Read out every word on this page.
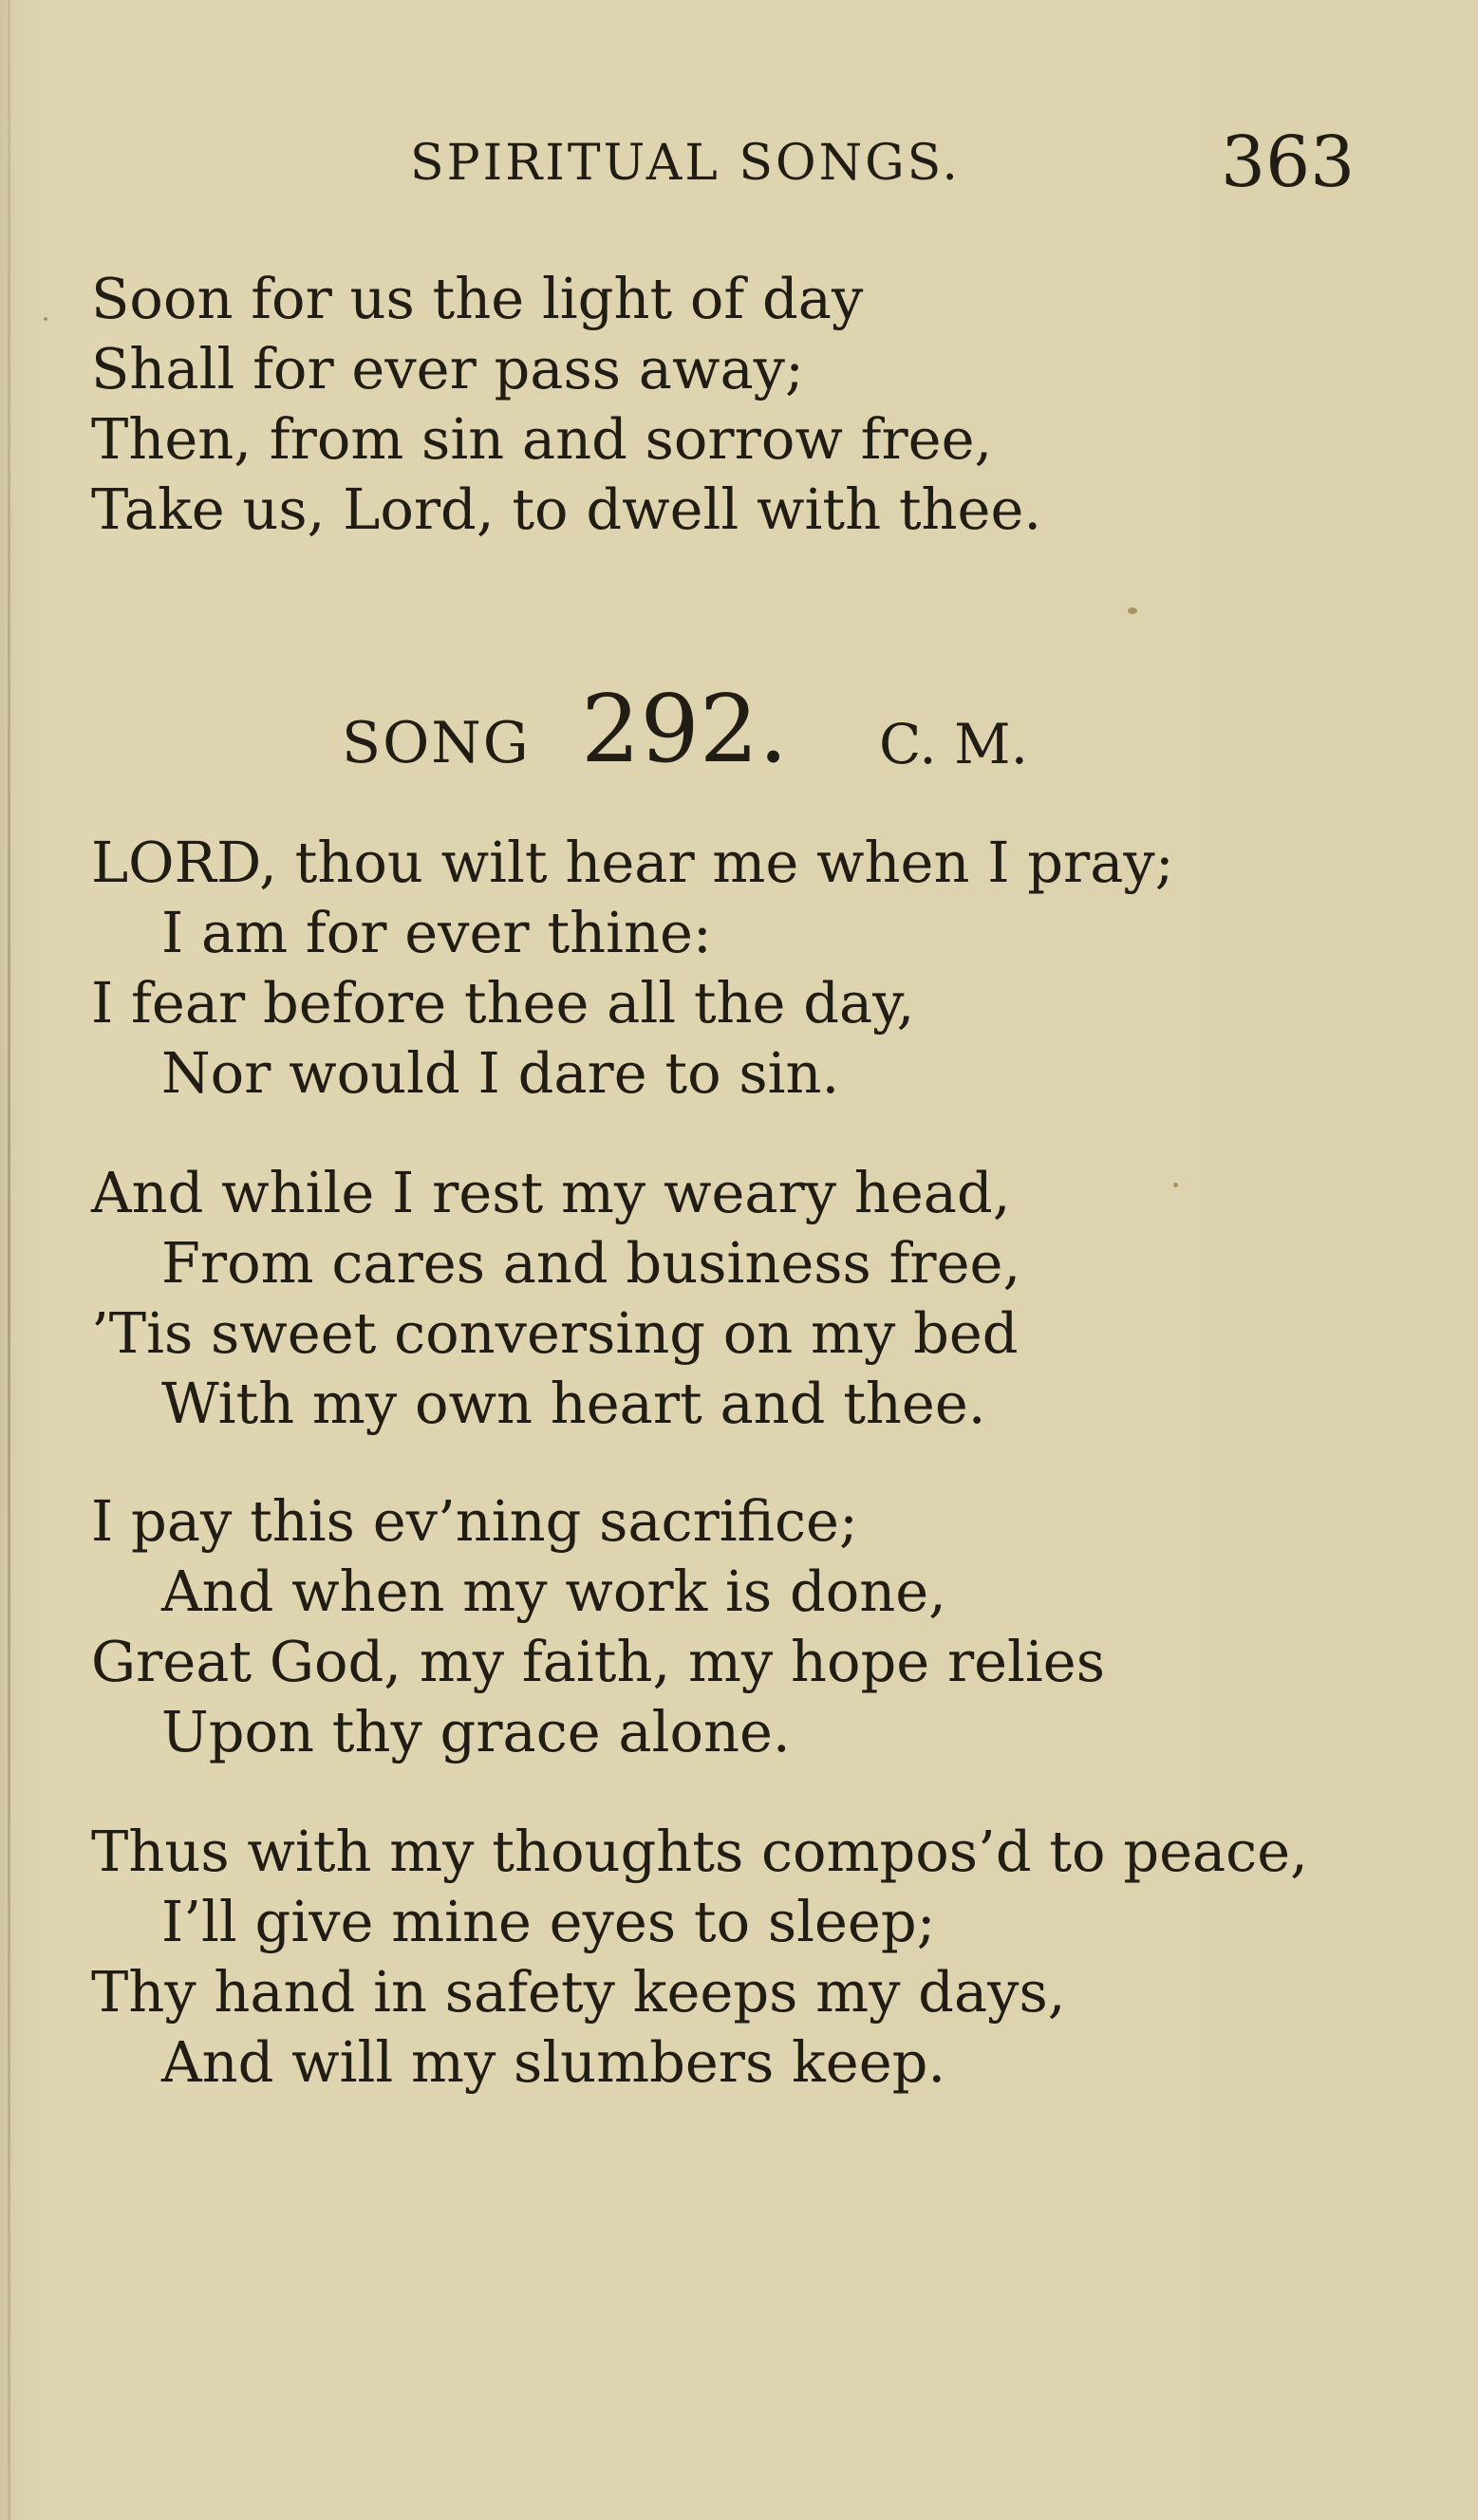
SPIRITUAL SONGS.	363
Soon for us the light of day
Shall for ever pass away;
Then, from sin and sorrow free,
Take us, Lord, to dwell with thee.
SONG 292. C. M.
LORD, thou wilt hear me when I pray;
I am for ever thine:
I fear before thee all the day,
Nor would I dare to sin.
And while I rest my weary head,
From cares and business free,
’Tis sweet conversing on my bed
With my own heart and thee.
I pay this ev’ning sacrifice;
And when my work is done,
Great God, my faith, my hope relies
Upon thy grace alone.
Thus with my thoughts compos’d to peace,
I’ll give mine eyes to sleep;
Thy hand in safety keeps my days,
And will my slumbers keep.
